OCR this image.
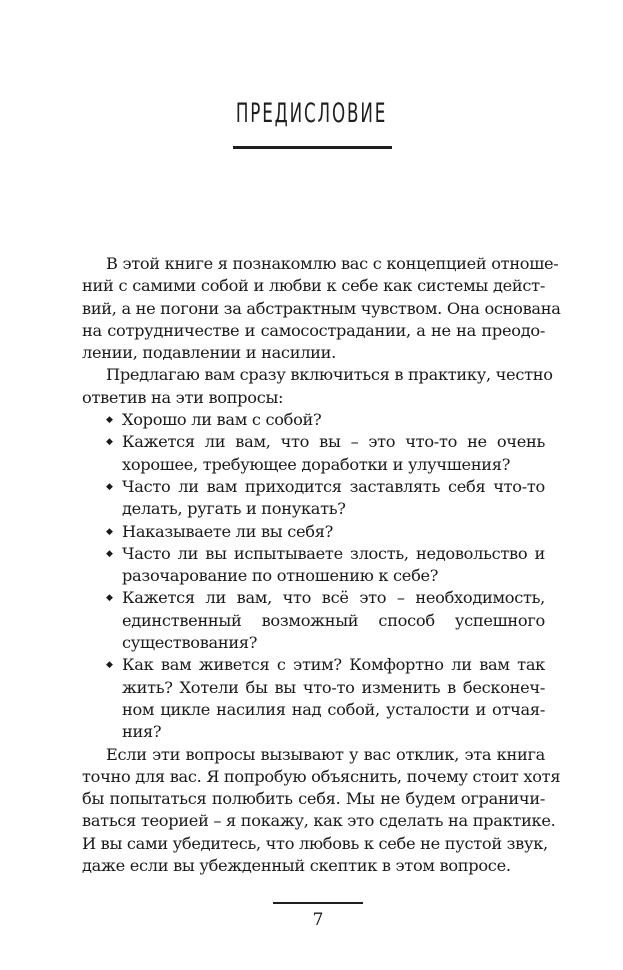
ПРЕДИСЛОВИЕ

В этой книге я познакомлю вас с концепцией отноше-
ний с самими собой и любви к себе как системы дейст-
вий, а не погони за абстрактным чувством. Она основана
на сотрудничестве и самосострадании, а не на преодо-
лении, подавлении и насилии.

Предлагаю вам сразу включиться в практику, честно
ответив на эти вопросы:

◆ Хорошо ли вам с собой?
◆ Кажется ли вам, что вы – это что-то не очень
хорошее, требующее доработки и улучшения?
◆ Часто ли вам приходится заставлять себя что-то
делать, ругать и понукать?
◆ Наказываете ли вы себя?
◆ Часто ли вы испытываете злость, недовольство и
разочарование по отношению к себе?
◆ Кажется ли вам, что всё это – необходимость,
единственный возможный способ успешного
существования?
◆ Как вам живется с этим? Комфортно ли вам так
жить? Хотели бы вы что-то изменить в бесконеч-
ном цикле насилия над собой, усталости и отчая-
ния?

Если эти вопросы вызывают у вас отклик, эта книга
точно для вас. Я попробую объяснить, почему стоит хотя
бы попытаться полюбить себя. Мы не будем ограничи-
ваться теорией – я покажу, как это сделать на практике.
И вы сами убедитесь, что любовь к себе не пустой звук,
даже если вы убежденный скептик в этом вопросе.

7
